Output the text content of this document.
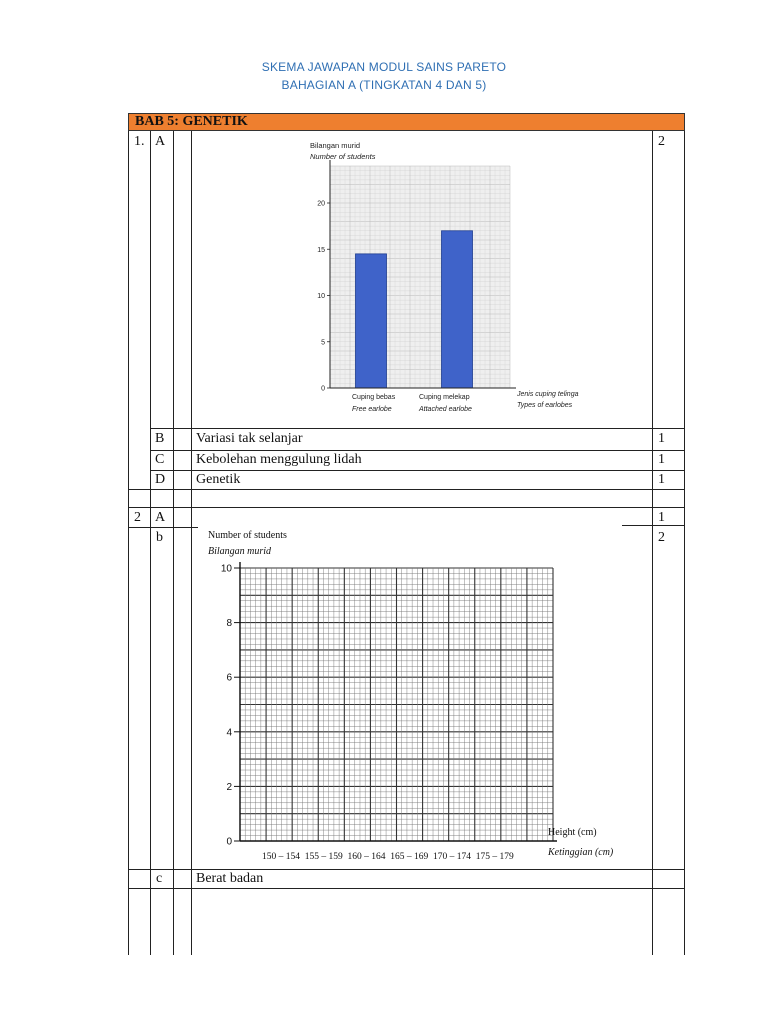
SKEMA JAWAPAN MODUL SAINS PARETO
BAHAGIAN A (TINGKATAN 4 DAN 5)
BAB 5: GENETIK
1. A	2
0
5
10
15
20
Bilangan murid
Number of students
Cuping bebas
Free earlobe
Cuping melekap
Attached earlobe
Jenis cuping telinga
Types of earlobes
B Variasi tak selanjar	1
C Kebolehan menggulung lidah	1
D Genetik	1
2 A	1
b	2
0
2
4
6
8
10
Number of students
Bilangan murid
Height (cm)
Ketinggian (cm)
150 – 154  155 – 159  160 – 164  165 – 169  170 – 174  175 – 179
c Berat badan
